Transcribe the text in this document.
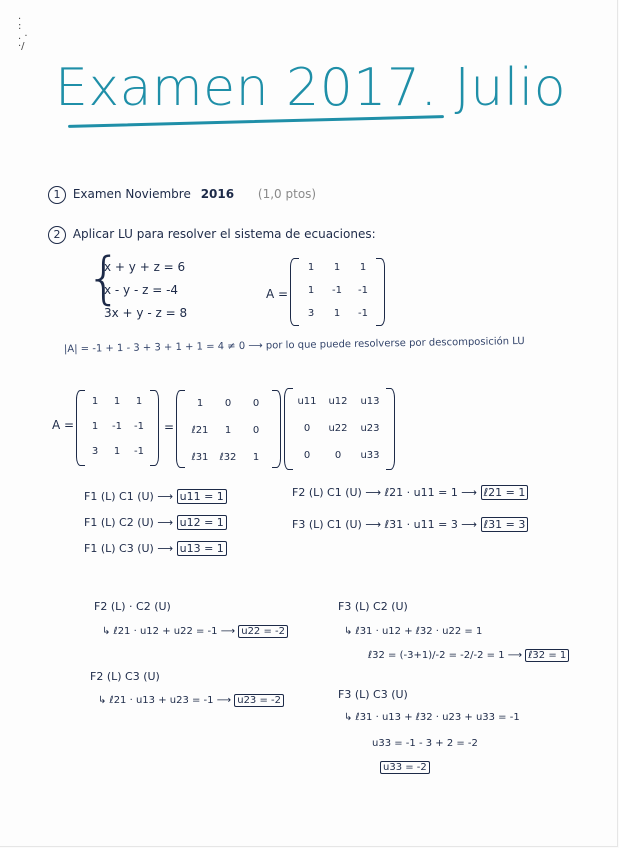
.
:
. ·
·/
Examen 2017. Julio
1 Examen Noviembre 2016 (1,0 ptos)
2 Aplicar LU para resolver el sistema de ecuaciones:
{
x + y + z = 6
x - y - z = -4
3x + y - z = 8
A =
1	1	1
1	-1	-1
3	1	-1
|A| = -1 + 1 - 3 + 3 + 1 + 1 = 4 ≠ 0 ⟶ por lo que puede resolverse por descomposición LU
A =
1	1	1
1	-1	-1
3	1	-1
=
1	0	0
ℓ21	1	0
ℓ31	ℓ32	1
u11	u12	u13
0	u22	u23
0	0	u33
F1 (L) C1 (U) ⟶ u11 = 1
F1 (L) C2 (U) ⟶ u12 = 1
F1 (L) C3 (U) ⟶ u13 = 1
F2 (L) C1 (U) ⟶ ℓ21 · u11 = 1 ⟶ ℓ21 = 1
F3 (L) C1 (U) ⟶ ℓ31 · u11 = 3 ⟶ ℓ31 = 3
F2 (L) · C2 (U)
↳ ℓ21 · u12 + u22 = -1 ⟶ u22 = -2
F2 (L) C3 (U)
↳ ℓ21 · u13 + u23 = -1 ⟶ u23 = -2
F3 (L) C2 (U)
↳ ℓ31 · u12 + ℓ32 · u22 = 1
ℓ32 = (-3+1)/-2 = -2/-2 = 1 ⟶ ℓ32 = 1
F3 (L) C3 (U)
↳ ℓ31 · u13 + ℓ32 · u23 + u33 = -1
u33 = -1 - 3 + 2 = -2
u33 = -2
